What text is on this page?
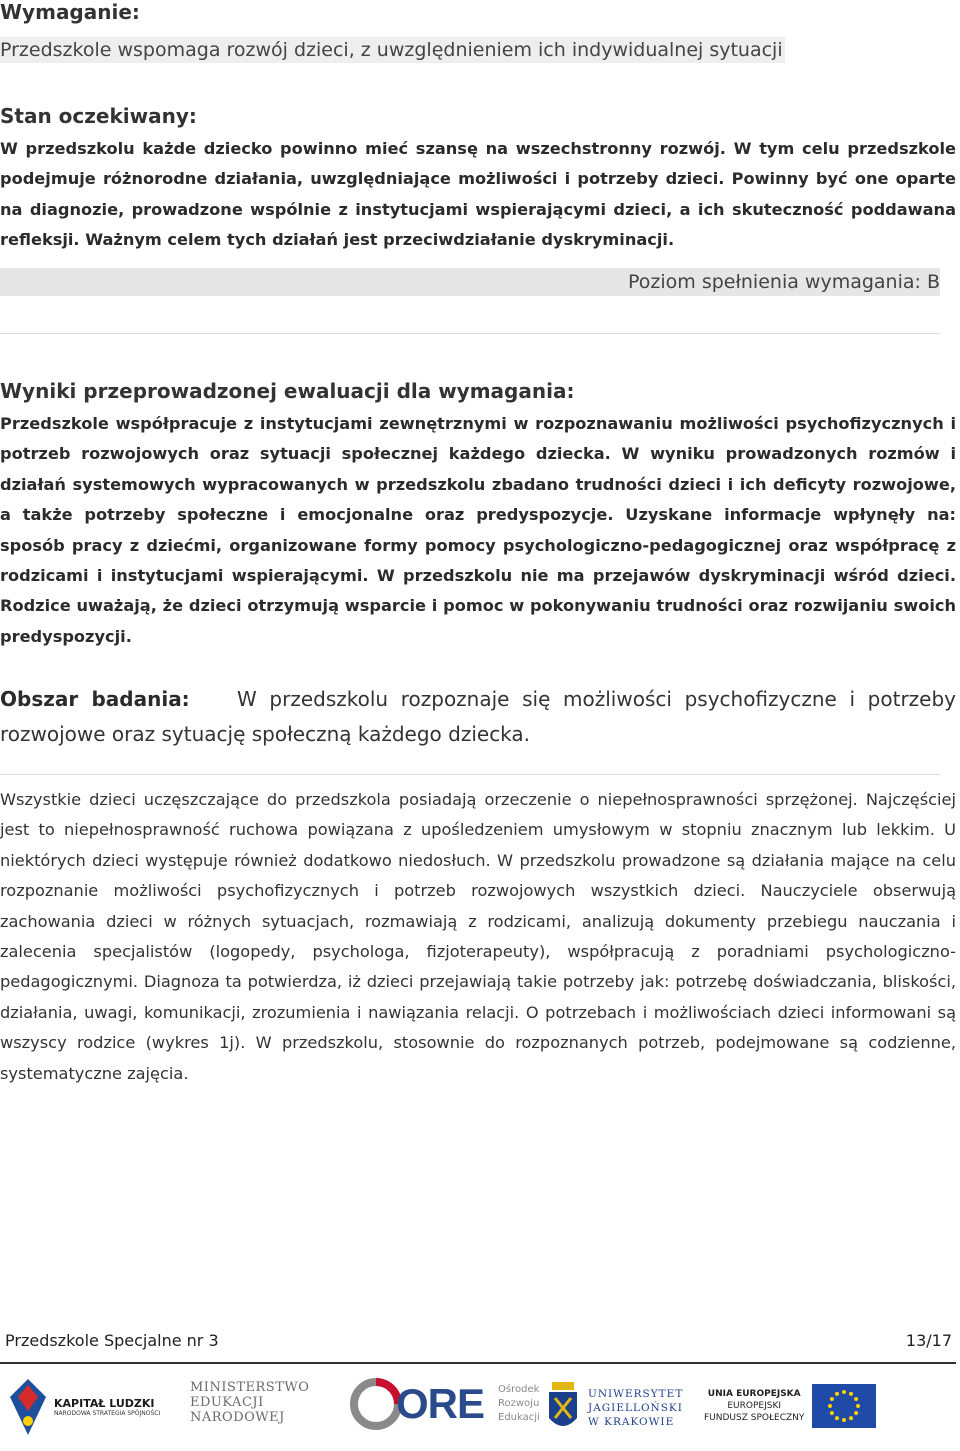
Wymaganie:
Przedszkole wspomaga rozwój dzieci, z uwzględnieniem ich indywidualnej sytuacji
Stan oczekiwany:
W przedszkolu każde dziecko powinno mieć szansę na wszechstronny rozwój. W tym celu przedszkole podejmuje różnorodne działania, uwzględniające możliwości i potrzeby dzieci. Powinny być one oparte na diagnozie, prowadzone wspólnie z instytucjami wspierającymi dzieci, a ich skuteczność poddawana refleksji. Ważnym celem tych działań jest przeciwdziałanie dyskryminacji.
Poziom spełnienia wymagania: B
Wyniki przeprowadzonej ewaluacji dla wymagania:
Przedszkole współpracuje z instytucjami zewnętrznymi w rozpoznawaniu możliwości psychofizycznych i potrzeb rozwojowych oraz sytuacji społecznej każdego dziecka. W wyniku prowadzonych rozmów i działań systemowych wypracowanych w przedszkolu zbadano trudności dzieci i ich deficyty rozwojowe, a także potrzeby społeczne i emocjonalne oraz predyspozycje. Uzyskane informacje wpłynęły na: sposób pracy z dziećmi, organizowane formy pomocy psychologiczno-pedagogicznej oraz współpracę z rodzicami i instytucjami wspierającymi. W przedszkolu nie ma przejawów dyskryminacji wśród dzieci. Rodzice uważają, że dzieci otrzymują wsparcie i pomoc w pokonywaniu trudności oraz rozwijaniu swoich predyspozycji.
Obszar badania: W przedszkolu rozpoznaje się możliwości psychofizyczne i potrzeby rozwojowe oraz sytuację społeczną każdego dziecka.
Wszystkie dzieci uczęszczające do przedszkola posiadają orzeczenie o niepełnosprawności sprzężonej. Najczęściej jest to niepełnosprawność ruchowa powiązana z upośledzeniem umysłowym w stopniu znacznym lub lekkim. U niektórych dzieci występuje również dodatkowo niedosłuch. W przedszkolu prowadzone są działania mające na celu rozpoznanie możliwości psychofizycznych i potrzeb rozwojowych wszystkich dzieci. Nauczyciele obserwują zachowania dzieci w różnych sytuacjach, rozmawiają z rodzicami, analizują dokumenty przebiegu nauczania i zalecenia specjalistów (logopedy, psychologa, fizjoterapeuty), współpracują z poradniami psychologiczno-pedagogicznymi. Diagnoza ta potwierdza, iż dzieci przejawiają takie potrzeby jak: potrzebę doświadczania, bliskości, działania, uwagi, komunikacji, zrozumienia i nawiązania relacji. O potrzebach i możliwościach dzieci informowani są wszyscy rodzice (wykres 1j). W przedszkolu, stosownie do rozpoznanych potrzeb, podejmowane są codzienne, systematyczne zajęcia.
Przedszkole Specjalne nr 3	13/17
KAPITAŁ LUDZKI
NARODOWA STRATEGIA SPÓJNOŚCI
MINISTERSTWO
EDUKACJI
NARODOWEJ	ORE Ośrodek
Rozwoju
Edukacji
UNIWERSYTET
JAGIELLOŃSKI
W KRAKOWIE
UNIA EUROPEJSKA
EUROPEJSKI
FUNDUSZ SPOŁECZNY
